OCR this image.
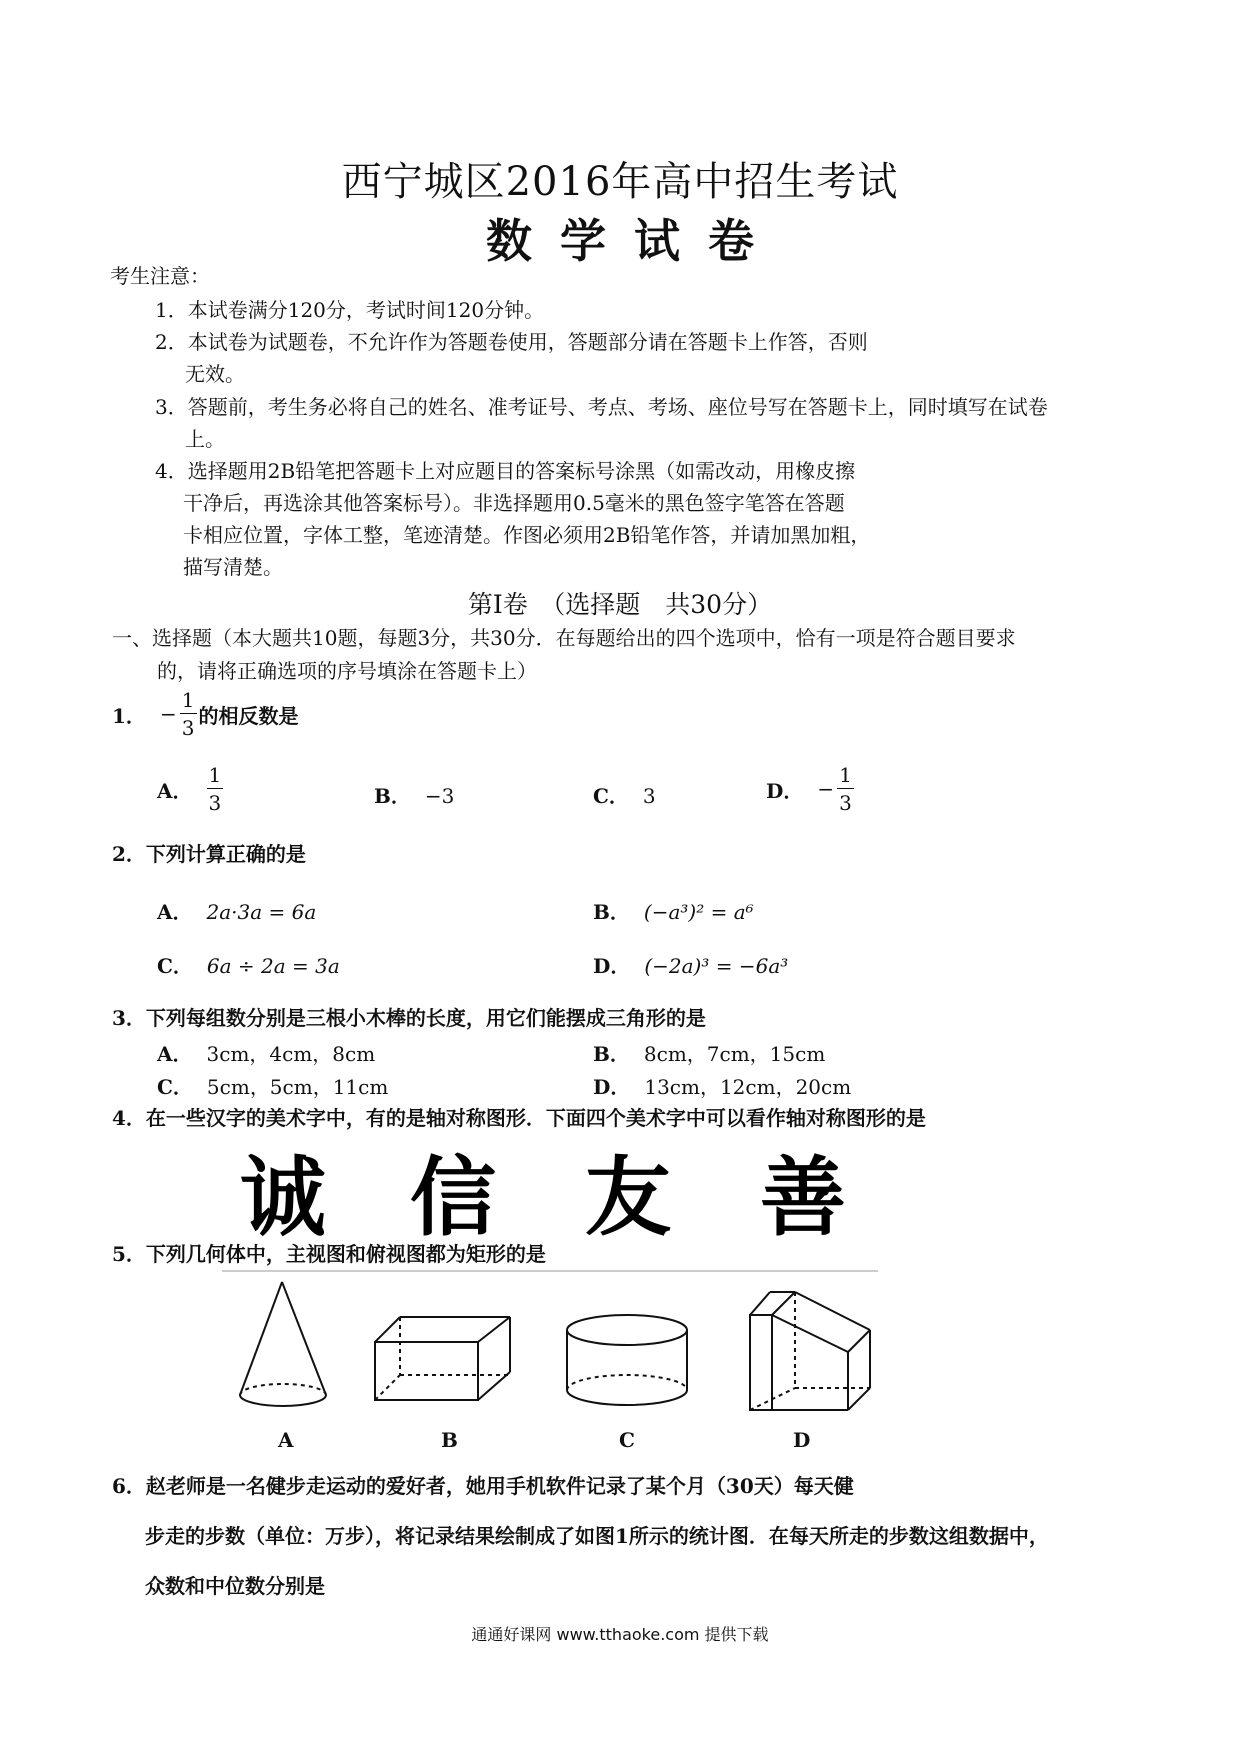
西宁城区2016年高中招生考试
数学试卷
考生注意：
1．本试卷满分120分，考试时间120分钟。
2．本试卷为试题卷，不允许作为答题卷使用，答题部分请在答题卡上作答，否则
无效。
3．答题前，考生务必将自己的姓名、准考证号、考点、考场、座位号写在答题卡上，同时填写在试卷
上。
4．选择题用2B铅笔把答题卡上对应题目的答案标号涂黑（如需改动，用橡皮擦
干净后，再选涂其他答案标号）。非选择题用0.5毫米的黑色签字笔答在答题
卡相应位置，字体工整，笔迹清楚。作图必须用2B铅笔作答，并请加黑加粗，
描写清楚。
第I卷　（选择题　共30分）
一、选择题（本大题共10题，每题3分，共30分．在每题给出的四个选项中，恰有一项是符合题目要求
的，请将正确选项的序号填涂在答题卡上）
1． − $\frac{1}{3}$ 的相反数是
A． $\frac{1}{3}$	B． −3	C． 3	D． − $\frac{1}{3}$
2．下列计算正确的是
A． 2a·3a = 6a	B． (−a³)² = a⁶
C． 6a ÷ 2a = 3a	D． (−2a)³ = −6a³
3．下列每组数分别是三根小木棒的长度，用它们能摆成三角形的是
A． 3cm，4cm，8cm	B． 8cm，7cm，15cm
C． 5cm，5cm，11cm	D． 13cm，12cm，20cm
4．在一些汉字的美术字中，有的是轴对称图形．下面四个美术字中可以看作轴对称图形的是
诚 信 友 善
5．下列几何体中，主视图和俯视图都为矩形的是
A	B	C	D
6．赵老师是一名健步走运动的爱好者，她用手机软件记录了某个月（30天）每天健
步走的步数（单位：万步），将记录结果绘制成了如图1所示的统计图．在每天所走的步数这组数据中，
众数和中位数分别是
通通好课网 www.tthaoke.com 提供下载
